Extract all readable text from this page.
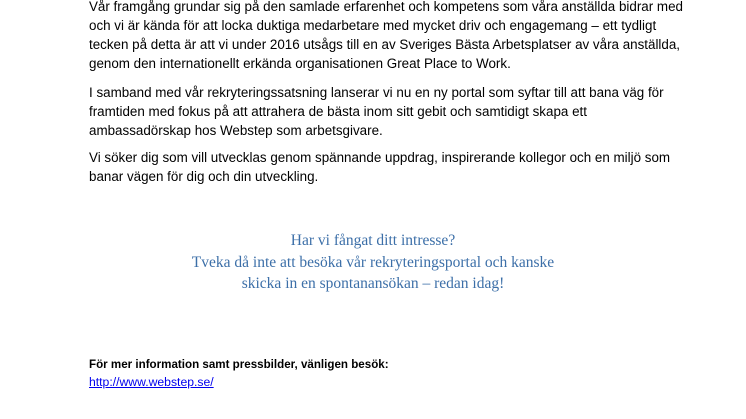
Vår framgång grundar sig på den samlade erfarenhet och kompetens som våra anställda bidrar med
och vi är kända för att locka duktiga medarbetare med mycket driv och engagemang – ett tydligt
tecken på detta är att vi under 2016 utsågs till en av Sveriges Bästa Arbetsplatser av våra anställda,
genom den internationellt erkända organisationen Great Place to Work.

I samband med vår rekryteringssatsning lanserar vi nu en ny portal som syftar till att bana väg för
framtiden med fokus på att attrahera de bästa inom sitt gebit och samtidigt skapa ett
ambassadörskap hos Webstep som arbetsgivare.

Vi söker dig som vill utvecklas genom spännande uppdrag, inspirerande kollegor och en miljö som
banar vägen för dig och din utveckling.

Har vi fångat ditt intresse?
Tveka då inte att besöka vår rekryteringsportal och kanske
skicka in en spontanansökan – redan idag!
För mer information samt pressbilder, vänligen besök:
http://www.webstep.se/
